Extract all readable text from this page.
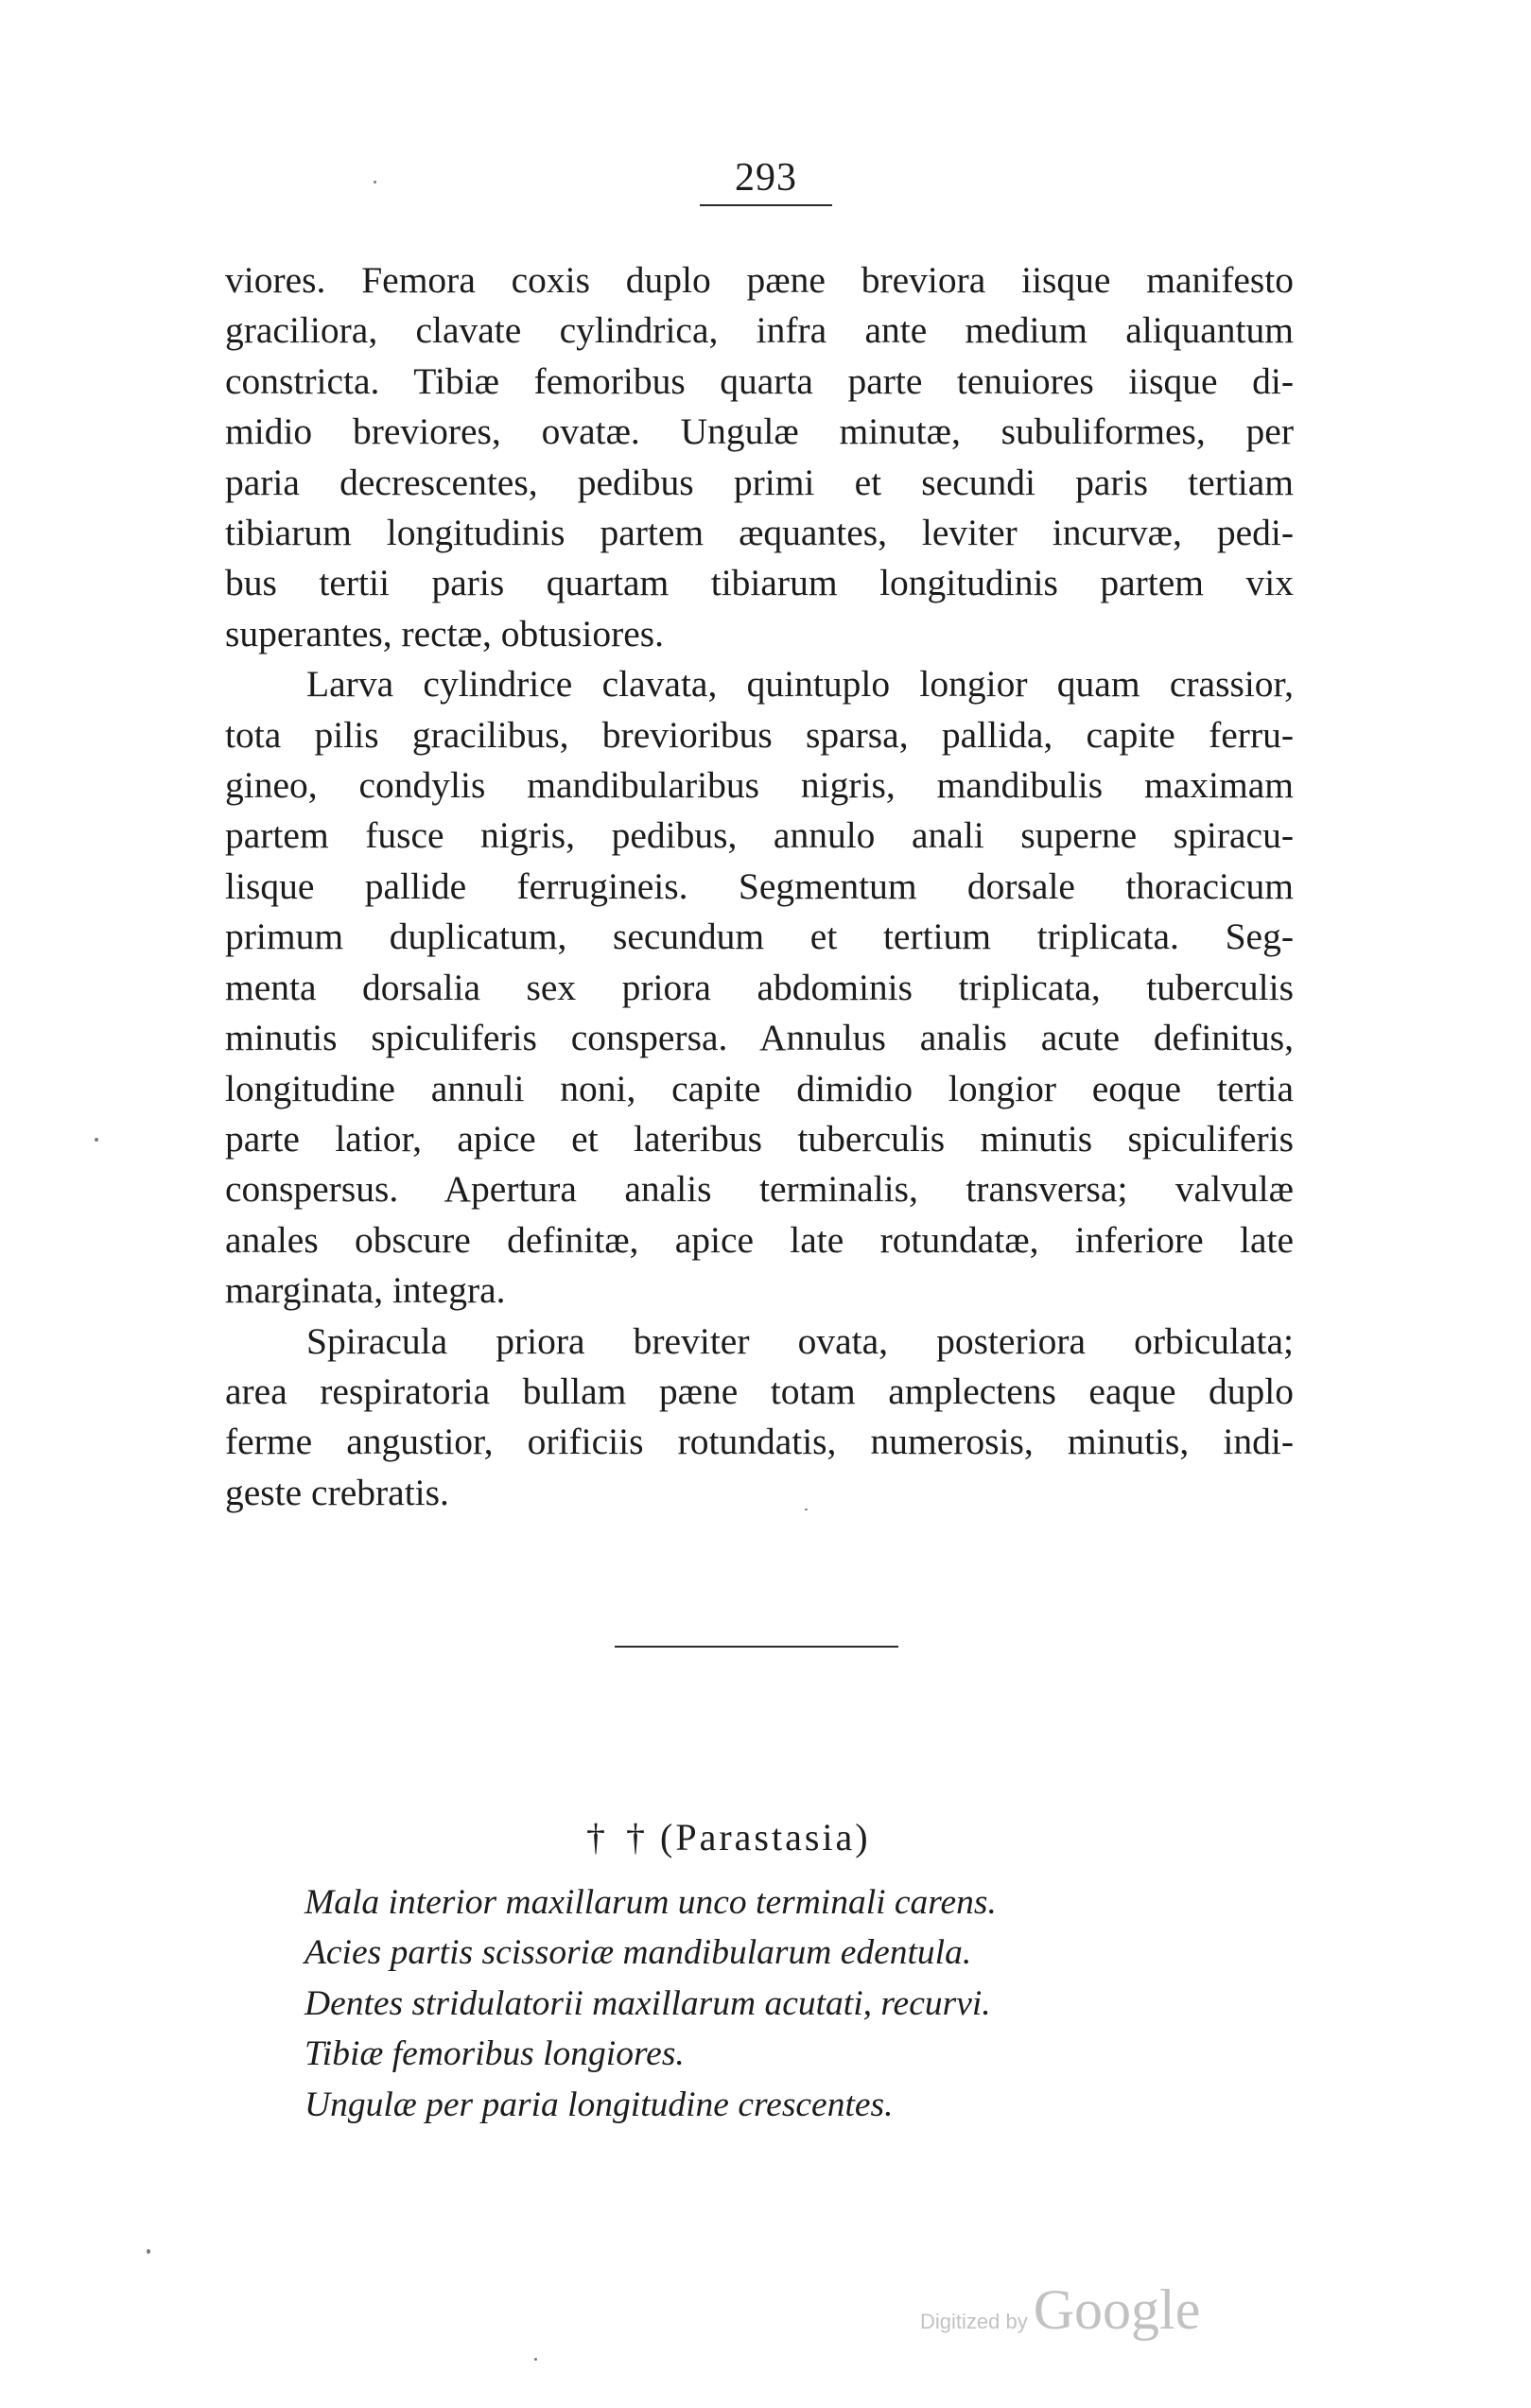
293
viores. Femora coxis duplo pæne breviora iisque manifesto
graciliora, clavate cylindrica, infra ante medium aliquantum
constricta. Tibiæ femoribus quarta parte tenuiores iisque di-
midio breviores, ovatæ. Ungulæ minutæ, subuliformes, per
paria decrescentes, pedibus primi et secundi paris tertiam
tibiarum longitudinis partem æquantes, leviter incurvæ, pedi-
bus tertii paris quartam tibiarum longitudinis partem vix
superantes, rectæ, obtusiores.
Larva cylindrice clavata, quintuplo longior quam crassior,
tota pilis gracilibus, brevioribus sparsa, pallida, capite ferru-
gineo, condylis mandibularibus nigris, mandibulis maximam
partem fusce nigris, pedibus, annulo anali superne spiracu-
lisque pallide ferrugineis. Segmentum dorsale thoracicum
primum duplicatum, secundum et tertium triplicata. Seg-
menta dorsalia sex priora abdominis triplicata, tuberculis
minutis spiculiferis conspersa. Annulus analis acute definitus,
longitudine annuli noni, capite dimidio longior eoque tertia
parte latior, apice et lateribus tuberculis minutis spiculiferis
conspersus. Apertura analis terminalis, transversa; valvulæ
anales obscure definitæ, apice late rotundatæ, inferiore late
marginata, integra.
Spiracula priora breviter ovata, posteriora orbiculata;
area respiratoria bullam pæne totam amplectens eaque duplo
ferme angustior, orificiis rotundatis, numerosis, minutis, indi-
geste crebratis.
† † (Parastasia)
Mala interior maxillarum unco terminali carens.
Acies partis scissoriæ mandibularum edentula.
Dentes stridulatorii maxillarum acutati, recurvi.
Tibiæ femoribus longiores.
Ungulæ per paria longitudine crescentes.
Digitized by Google
